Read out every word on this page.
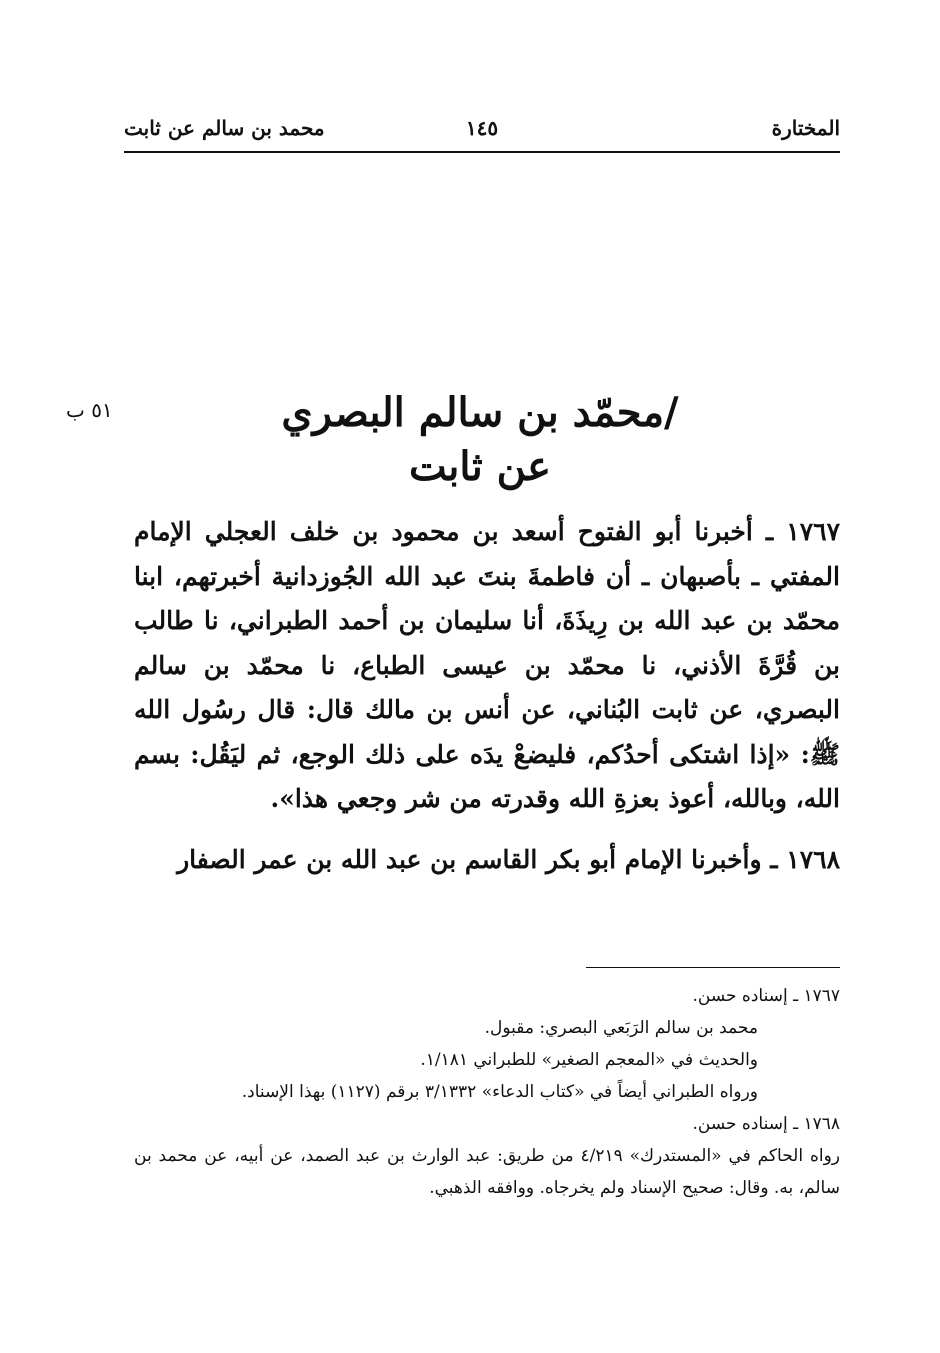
المختارة
١٤٥
محمد بن سالم عن ثابت
٥١ ب	/محمّد بن سالم البصري
عن ثابت

١٧٦٧ ـ أخبرنا أبو الفتوح أسعد بن محمود بن خلف العجلي الإمام المفتي ـ بأصبهان ـ أن فاطمةَ بنتَ عبد الله الجُوزدانية أخبرتهم، ابنا محمّد بن عبد الله بن رِيذَةَ، أنا سليمان بن أحمد الطبراني، نا طالب بن قُرَّةَ الأذني، نا محمّد بن عيسى الطباع، نا محمّد بن سالم البصري، عن ثابت البُناني، عن أنس بن مالك قال: قال رسُول الله ﷺ: «إذا اشتكى أحدُكم، فليضعْ يدَه على ذلك الوجع، ثم ليَقُل: بسم الله، وبالله، أعوذ بعزةِ الله وقدرته من شر وجعي هذا».

١٧٦٨ ـ وأخبرنا الإمام أبو بكر القاسم بن عبد الله بن عمر الصفار

١٧٦٧ ـ إسناده حسن.

محمد بن سالم الرَبَعي البصري: مقبول.

والحديث في «المعجم الصغير» للطبراني ١/١٨١.

ورواه الطبراني أيضاً في «كتاب الدعاء» ٣/١٣٣٢ برقم (١١٢٧) بهذا الإسناد.

١٧٦٨ ـ إسناده حسن.

رواه الحاكم في «المستدرك» ٤/٢١٩ من طريق: عبد الوارث بن عبد الصمد، عن أبيه، عن محمد بن سالم، به. وقال: صحيح الإسناد ولم يخرجاه. ووافقه الذهبي.
